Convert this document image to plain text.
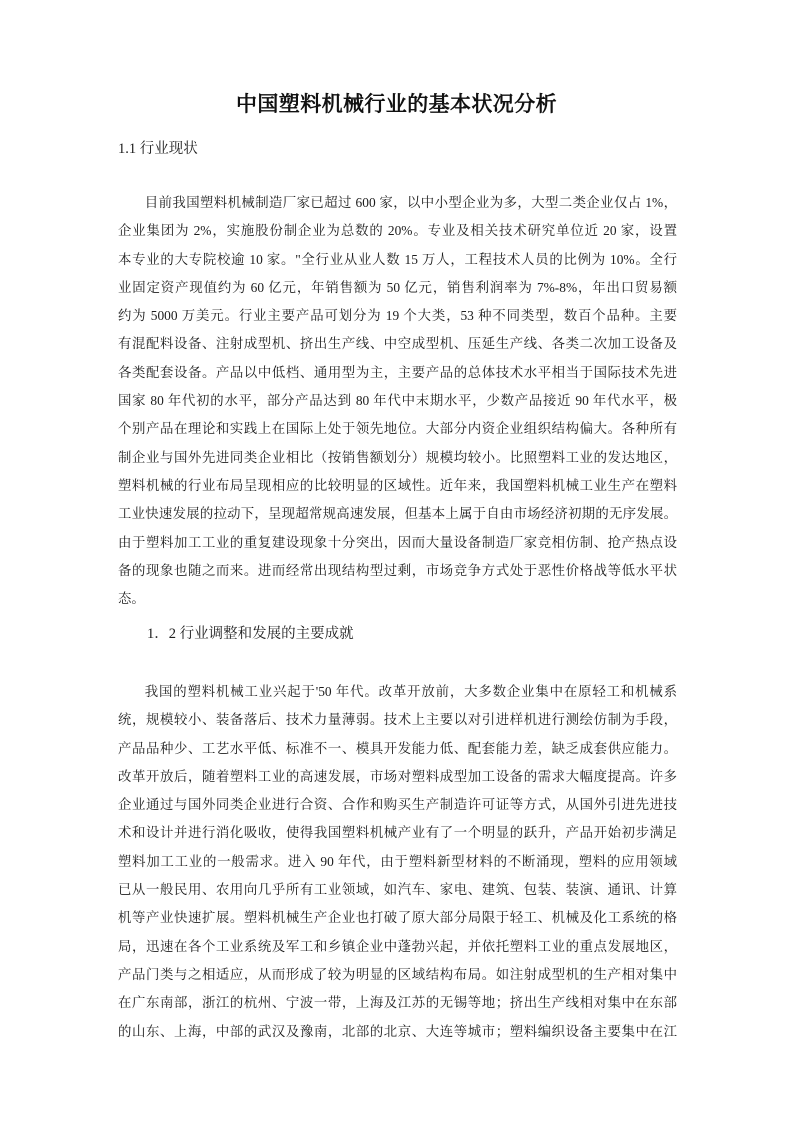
中国塑料机械行业的基本状况分析
1.1 行业现状
目前我国塑料机械制造厂家已超过 600 家，以中小型企业为多，大型二类企业仅占 1%，
企业集团为 2%，实施股份制企业为总数的 20%。专业及相关技术研究单位近 20 家，设置
本专业的大专院校逾 10 家。"全行业从业人数 15 万人，工程技术人员的比例为 10%。全行
业固定资产现值约为 60 亿元，年销售额为 50 亿元，销售利润率为 7%-8%，年出口贸易额
约为 5000 万美元。行业主要产品可划分为 19 个大类，53 种不同类型，数百个品种。主要
有混配料设备、注射成型机、挤出生产线、中空成型机、压延生产线、各类二次加工设备及
各类配套设备。产品以中低档、通用型为主，主要产品的总体技术水平相当于国际技术先进
国家 80 年代初的水平，部分产品达到 80 年代中末期水平，少数产品接近 90 年代水平，极
个别产品在理论和实践上在国际上处于领先地位。大部分内资企业组织结构偏大。各种所有
制企业与国外先进同类企业相比（按销售额划分）规模均较小。比照塑料工业的发达地区，
塑料机械的行业布局呈现相应的比较明显的区域性。近年来，我国塑料机械工业生产在塑料
工业快速发展的拉动下，呈现超常规高速发展，但基本上属于自由市场经济初期的无序发展。
由于塑料加工工业的重复建设现象十分突出，因而大量设备制造厂家竞相仿制、抢产热点设
备的现象也随之而来。进而经常出现结构型过剩，市场竞争方式处于恶性价格战等低水平状
态。
1．2 行业调整和发展的主要成就
我国的塑料机械工业兴起于'50 年代。改革开放前，大多数企业集中在原轻工和机械系
统，规模较小、装备落后、技术力量薄弱。技术上主要以对引进样机进行测绘仿制为手段，
产品品种少、工艺水平低、标准不一、模具开发能力低、配套能力差，缺乏成套供应能力。
改革开放后，随着塑料工业的高速发展，市场对塑料成型加工设备的需求大幅度提高。许多
企业通过与国外同类企业进行合资、合作和购买生产制造许可证等方式，从国外引进先进技
术和设计并进行消化吸收，使得我国塑料机械产业有了一个明显的跃升，产品开始初步满足
塑料加工工业的一般需求。进入 90 年代，由于塑料新型材料的不断涌现，塑料的应用领域
已从一般民用、农用向几乎所有工业领域，如汽车、家电、建筑、包装、装演、通讯、计算
机等产业快速扩展。塑料机械生产企业也打破了原大部分局限于轻工、机械及化工系统的格
局，迅速在各个工业系统及军工和乡镇企业中蓬勃兴起，并依托塑料工业的重点发展地区，
产品门类与之相适应，从而形成了较为明显的区域结构布局。如注射成型机的生产相对集中
在广东南部，浙江的杭州、宁波一带，上海及江苏的无锡等地；挤出生产线相对集中在东部
的山东、上海，中部的武汉及豫南，北部的北京、大连等城市；塑料编织设备主要集中在江
